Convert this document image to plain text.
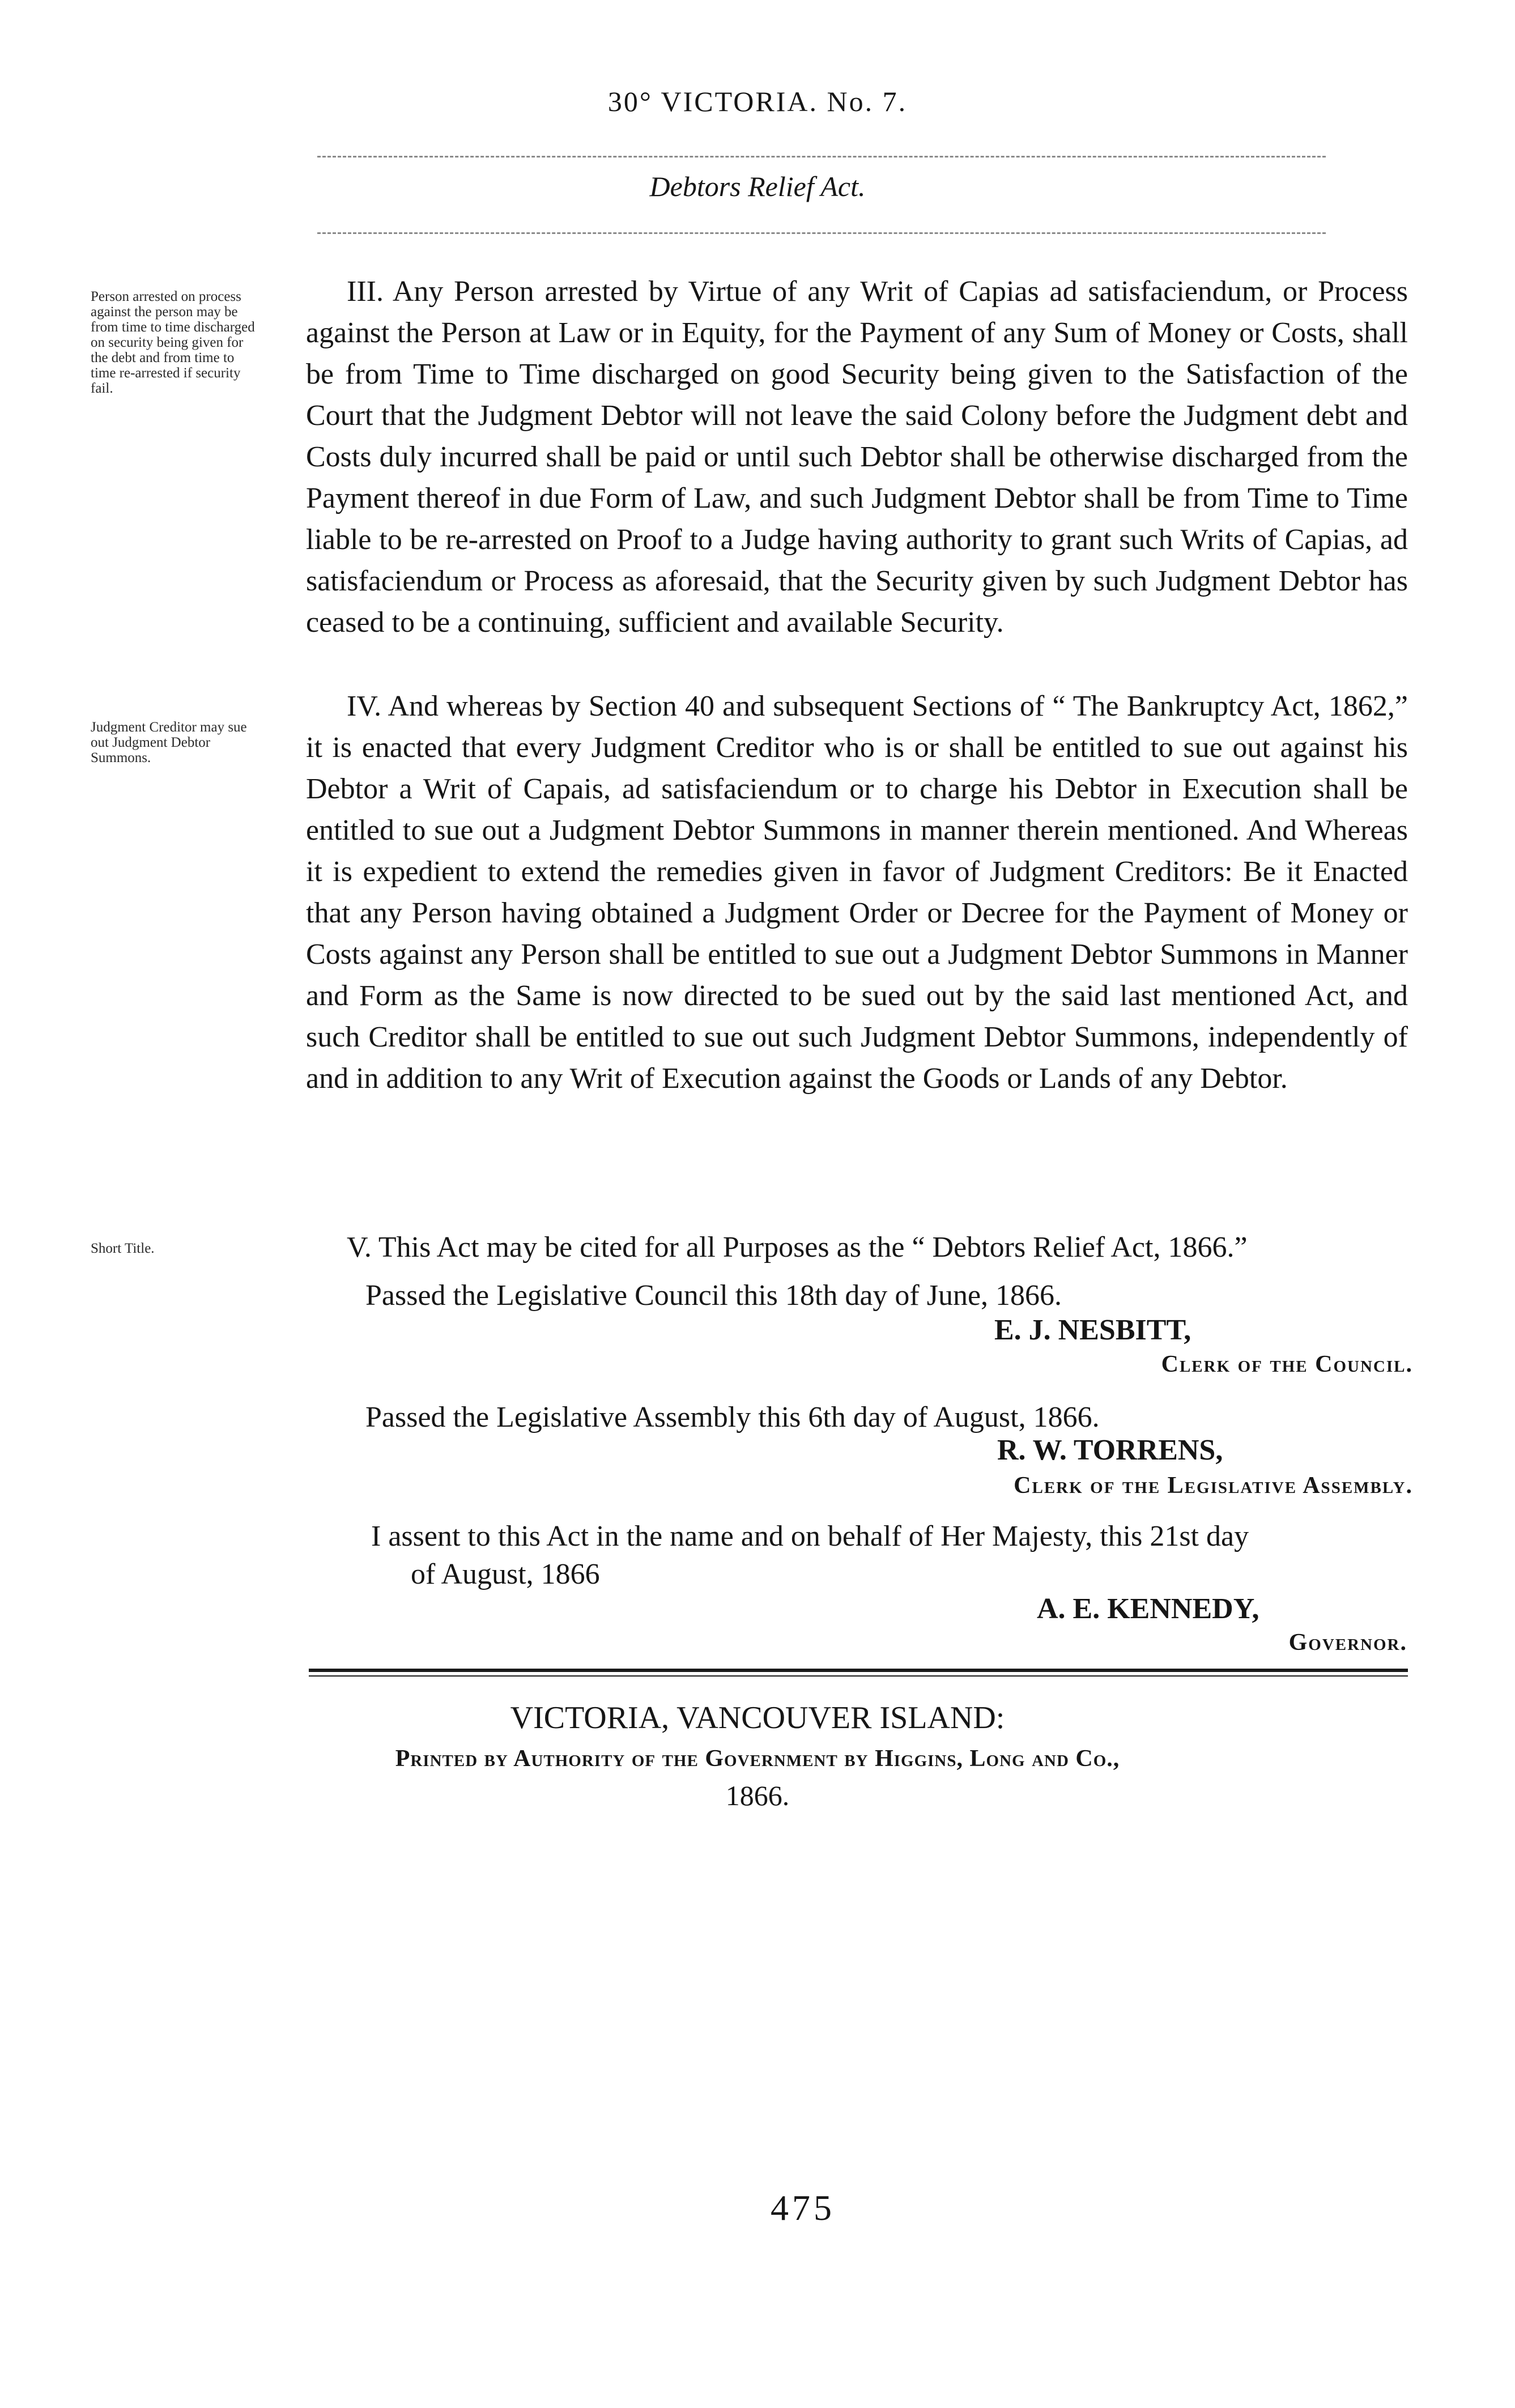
30° VICTORIA. No. 7.
Debtors Relief Act.
Person arrested on process against the person may be from time to time discharged on security being given for the debt and from time to time re-arrested if security fail.
III. Any Person arrested by Virtue of any Writ of Capias ad satisfaciendum, or Process against the Person at Law or in Equity, for the Payment of any Sum of Money or Costs, shall be from Time to Time discharged on good Security being given to the Satisfaction of the Court that the Judgment Debtor will not leave the said Colony before the Judgment debt and Costs duly incurred shall be paid or until such Debtor shall be otherwise discharged from the Payment thereof in due Form of Law, and such Judgment Debtor shall be from Time to Time liable to be re-arrested on Proof to a Judge having authority to grant such Writs of Capias, ad satisfaciendum or Process as aforesaid, that the Security given by such Judgment Debtor has ceased to be a continuing, sufficient and available Security.
Judgment Creditor may sue out Judgment Debtor Summons.
IV. And whereas by Section 40 and subsequent Sections of “ The Bankruptcy Act, 1862,” it is enacted that every Judgment Creditor who is or shall be entitled to sue out against his Debtor a Writ of Capais, ad satisfaciendum or to charge his Debtor in Execution shall be entitled to sue out a Judgment Debtor Summons in manner therein mentioned. And Whereas it is expedient to extend the remedies given in favor of Judgment Creditors: Be it Enacted that any Person having obtained a Judgment Order or Decree for the Payment of Money or Costs against any Person shall be entitled to sue out a Judgment Debtor Summons in Manner and Form as the Same is now directed to be sued out by the said last mentioned Act, and such Creditor shall be entitled to sue out such Judgment Debtor Summons, independently of and in addition to any Writ of Execution against the Goods or Lands of any Debtor.
Short Title.	V. This Act may be cited for all Purposes as the “ Debtors Relief Act, 1866.”
Passed the Legislative Council this 18th day of June, 1866.
E. J. NESBITT,
Clerk of the Council.
Passed the Legislative Assembly this 6th day of August, 1866.
R. W. TORRENS,
Clerk of the Legislative Assembly.
I assent to this Act in the name and on behalf of Her Majesty, this 21st day
of August, 1866
A. E. KENNEDY,
Governor.
VICTORIA, VANCOUVER ISLAND:
Printed by Authority of the Government by Higgins, Long and Co.,
1866.
475
